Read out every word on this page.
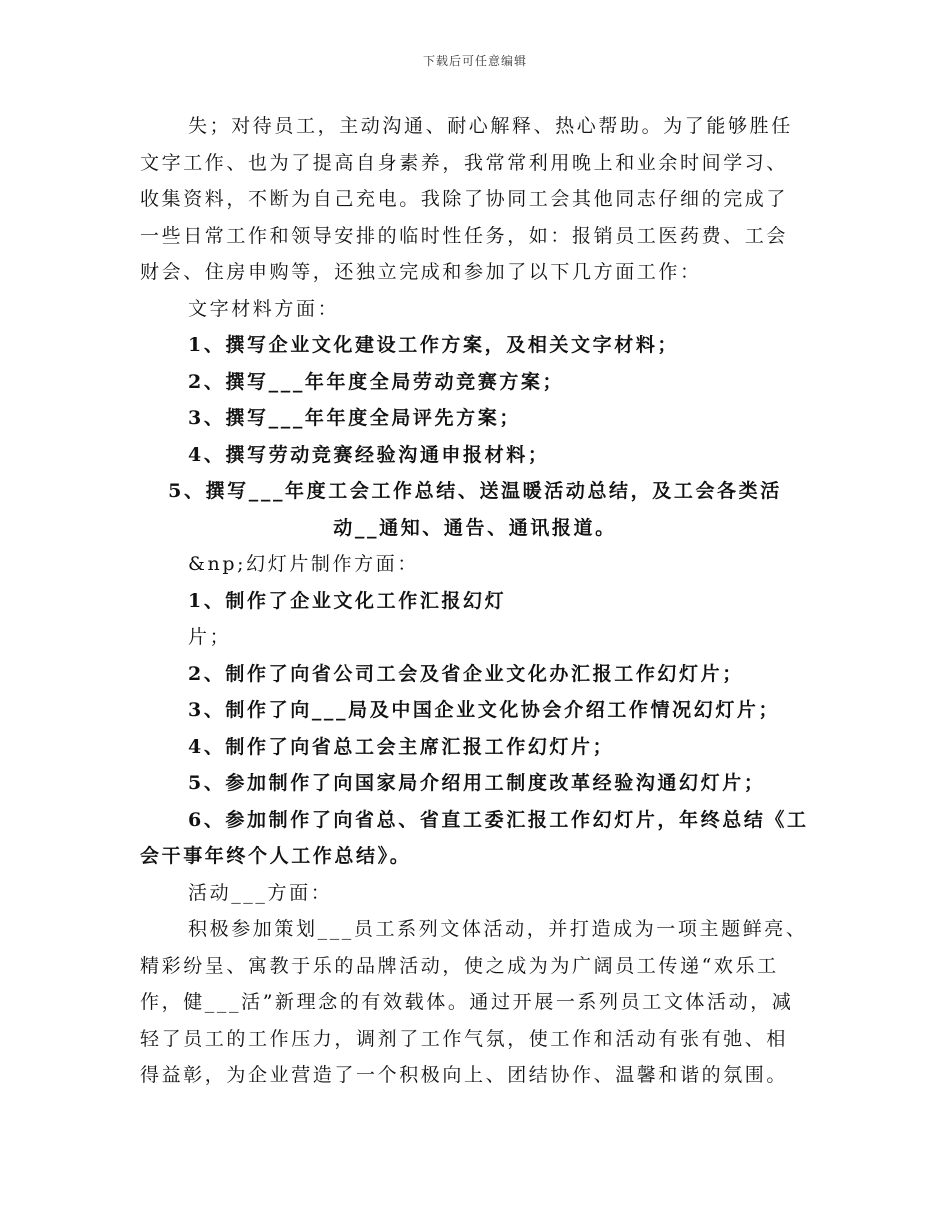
下载后可任意编辑

失；对待员工，主动沟通、耐心解释、热心帮助。为了能够胜任

文字工作、也为了提高自身素养，我常常利用晚上和业余时间学习、

收集资料，不断为自己充电。我除了协同工会其他同志仔细的完成了

一些日常工作和领导安排的临时性任务，如：报销员工医药费、工会

财会、住房申购等，还独立完成和参加了以下几方面工作：

文字材料方面：

1、撰写企业文化建设工作方案，及相关文字材料；

2、撰写___年年度全局劳动竞赛方案；

3、撰写___年年度全局评先方案；

4、撰写劳动竞赛经验沟通申报材料；

5、撰写___年度工会工作总结、送温暖活动总结，及工会各类活

动__通知、通告、通讯报道。

&np;幻灯片制作方面：

1、制作了企业文化工作汇报幻灯

片；

2、制作了向省公司工会及省企业文化办汇报工作幻灯片；

3、制作了向___局及中国企业文化协会介绍工作情况幻灯片；

4、制作了向省总工会主席汇报工作幻灯片；

5、参加制作了向国家局介绍用工制度改革经验沟通幻灯片；

6、参加制作了向省总、省直工委汇报工作幻灯片，年终总结《工

会干事年终个人工作总结》。

活动___方面：

积极参加策划___员工系列文体活动，并打造成为一项主题鲜亮、

精彩纷呈、寓教于乐的品牌活动，使之成为为广阔员工传递“欢乐工

作，健___活”新理念的有效载体。通过开展一系列员工文体活动，减

轻了员工的工作压力，调剂了工作气氛，使工作和活动有张有弛、相

得益彰，为企业营造了一个积极向上、团结协作、温馨和谐的氛围。
